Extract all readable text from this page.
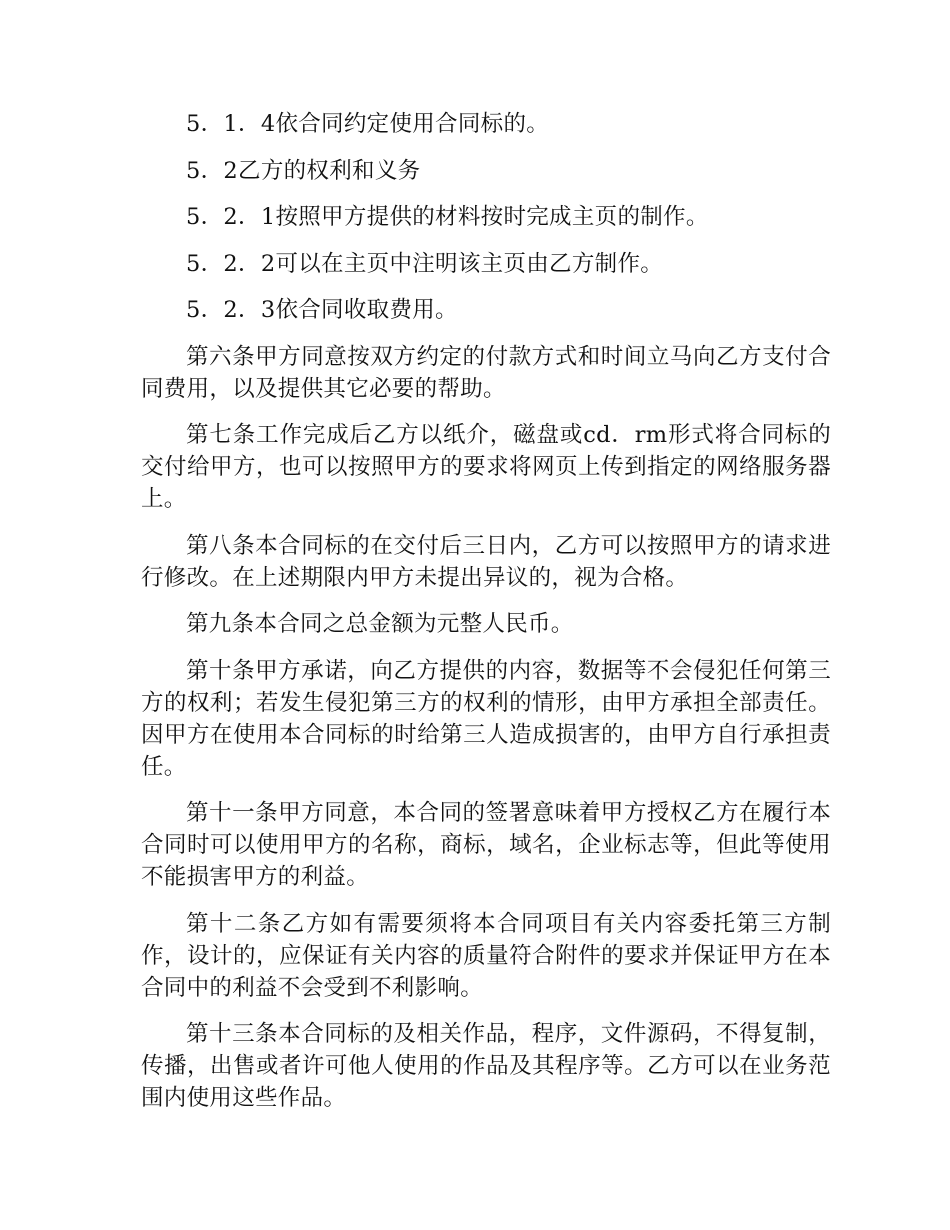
5．1．4依合同约定使用合同标的。

5．2乙方的权利和义务

5．2．1按照甲方提供的材料按时完成主页的制作。

5．2．2可以在主页中注明该主页由乙方制作。

5．2．3依合同收取费用。

第六条甲方同意按双方约定的付款方式和时间立马向乙方支付合同费用，以及提供其它必要的帮助。

第七条工作完成后乙方以纸介，磁盘或cd．rm形式将合同标的交付给甲方，也可以按照甲方的要求将网页上传到指定的网络服务器上。

第八条本合同标的在交付后三日内，乙方可以按照甲方的请求进行修改。在上述期限内甲方未提出异议的，视为合格。

第九条本合同之总金额为元整人民币。

第十条甲方承诺，向乙方提供的内容，数据等不会侵犯任何第三方的权利；若发生侵犯第三方的权利的情形，由甲方承担全部责任。因甲方在使用本合同标的时给第三人造成损害的，由甲方自行承担责任。

第十一条甲方同意，本合同的签署意味着甲方授权乙方在履行本合同时可以使用甲方的名称，商标，域名，企业标志等，但此等使用不能损害甲方的利益。

第十二条乙方如有需要须将本合同项目有关内容委托第三方制作，设计的，应保证有关内容的质量符合附件的要求并保证甲方在本合同中的利益不会受到不利影响。

第十三条本合同标的及相关作品，程序，文件源码，不得复制，传播，出售或者许可他人使用的作品及其程序等。乙方可以在业务范围内使用这些作品。
